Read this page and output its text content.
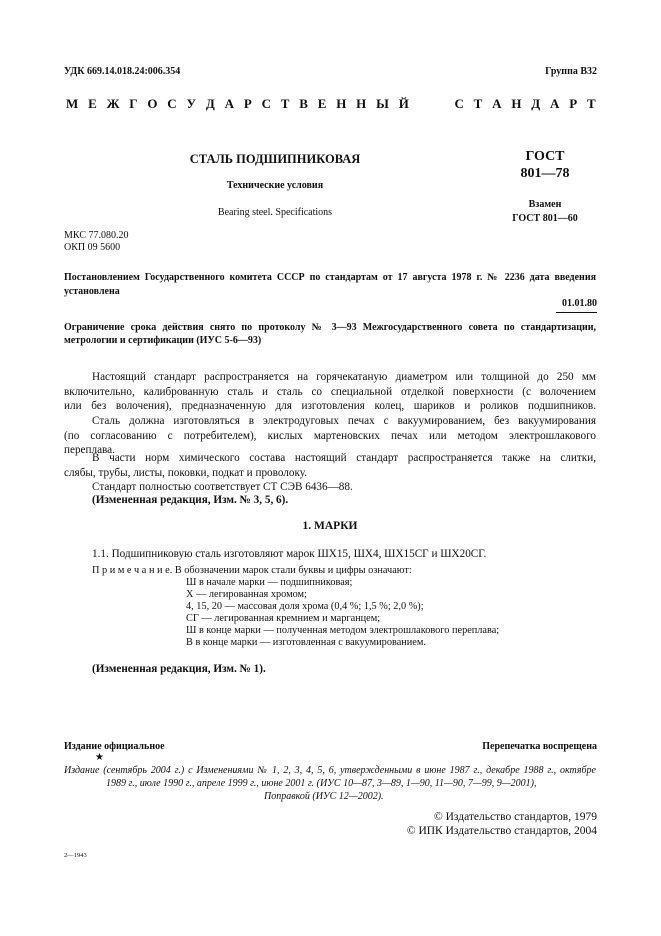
УДК 669.14.018.24:006.354	Группа В32
М Е Ж Г О С У Д А Р С Т В Е Н Н Ы Й	С Т А Н Д А Р Т
СТАЛЬ ПОДШИПНИКОВАЯ
Технические условия
Bearing steel. Specifications
ГОСТ
801—78
Взамен
ГОСТ 801—60
МКС 77.080.20
ОКП 09 5600
Постановлением Государственного комитета СССР по стандартам от 17 августа 1978 г. № 2236 дата введения
установлена
01.01.80
Ограничение срока действия снято по протоколу № 3—93 Межгосударственного совета по стандартизации,
метрологии и сертификации (ИУС 5-6—93)
Настоящий стандарт распространяется на горячекатаную диаметром или толщиной до 250 мм
включительно, калиброванную сталь и сталь со специальной отделкой поверхности (с волочением
или без волочения), предназначенную для изготовления колец, шариков и роликов подшипников.
Сталь должна изготовляться в электродуговых печах с вакуумированием, без вакуумирования
(по согласованию с потребителем), кислых мартеновских печах или методом электрошлакового
переплава.
В части норм химического состава настоящий стандарт распространяется также на слитки,
слябы, трубы, листы, поковки, подкат и проволоку.
Стандарт полностью соответствует СТ СЭВ 6436—88.
(Измененная редакция, Изм. № 3, 5, 6).
1. МАРКИ
1.1. Подшипниковую сталь изготовляют марок ШХ15, ШХ4, ШХ15СГ и ШХ20СГ.
П р и м е ч а н и е. В обозначении марок стали буквы и цифры означают:
Ш в начале марки — подшипниковая;
Х — легированная хромом;
4, 15, 20 — массовая доля хрома (0,4 %; 1,5 %; 2,0 %);
СГ — легированная кремнием и марганцем;
Ш в конце марки — полученная методом электрошлакового переплава;
В в конце марки — изготовленная с вакуумированием.
(Измененная редакция, Изм. № 1).
Издание официальное	Перепечатка воспрещена
★
Издание (сентябрь 2004 г.) с Изменениями № 1, 2, 3, 4, 5, 6, утвержденными в июне 1987 г., декабре 1988 г., октябре
1989 г., июле 1990 г., апреле 1999 г., июне 2001 г. (ИУС 10—87, 3—89, 1—90, 11—90, 7—99, 9—2001),
Поправкой (ИУС 12—2002).
© Издательство стандартов, 1979
© ИПК Издательство стандартов, 2004
2—1943
